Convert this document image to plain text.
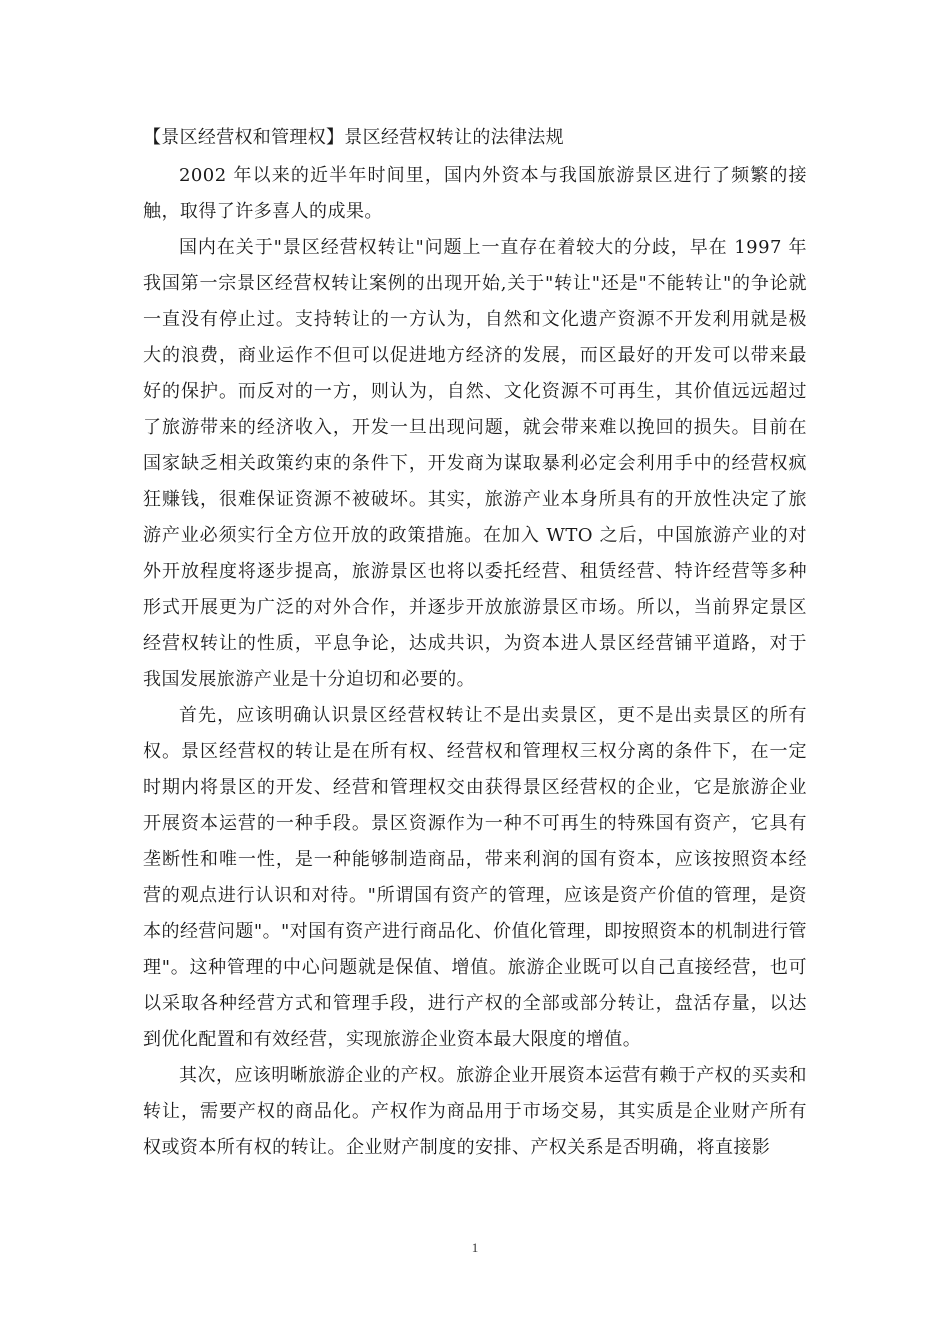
【景区经营权和管理权】景区经营权转让的法律法规

2002 年以来的近半年时间里，国内外资本与我国旅游景区进行了频繁的接触，取得了许多喜人的成果。

国内在关于"景区经营权转让"问题上一直存在着较大的分歧，早在 1997 年我国第一宗景区经营权转让案例的出现开始,关于"转让"还是"不能转让"的争论就一直没有停止过。支持转让的一方认为，自然和文化遗产资源不开发利用就是极大的浪费，商业运作不但可以促进地方经济的发展，而区最好的开发可以带来最好的保护。而反对的一方，则认为，自然、文化资源不可再生，其价值远远超过了旅游带来的经济收入，开发一旦出现问题，就会带来难以挽回的损失。目前在国家缺乏相关政策约束的条件下，开发商为谋取暴利必定会利用手中的经营权疯狂赚钱，很难保证资源不被破坏。其实，旅游产业本身所具有的开放性决定了旅游产业必须实行全方位开放的政策措施。在加入 WTO 之后，中国旅游产业的对外开放程度将逐步提高，旅游景区也将以委托经营、租赁经营、特许经营等多种形式开展更为广泛的对外合作，并逐步开放旅游景区市场。所以，当前界定景区经营权转让的性质，平息争论，达成共识，为资本进人景区经营铺平道路，对于我国发展旅游产业是十分迫切和必要的。

首先，应该明确认识景区经营权转让不是出卖景区，更不是出卖景区的所有权。景区经营权的转让是在所有权、经营权和管理权三权分离的条件下，在一定时期内将景区的开发、经营和管理权交由获得景区经营权的企业，它是旅游企业开展资本运营的一种手段。景区资源作为一种不可再生的特殊国有资产，它具有垄断性和唯一性，是一种能够制造商品，带来利润的国有资本，应该按照资本经营的观点进行认识和对待。"所谓国有资产的管理，应该是资产价值的管理，是资本的经营问题"。"对国有资产进行商品化、价值化管理，即按照资本的机制进行管理"。这种管理的中心问题就是保值、增值。旅游企业既可以自己直接经营，也可以采取各种经营方式和管理手段，进行产权的全部或部分转让，盘活存量，以达到优化配置和有效经营，实现旅游企业资本最大限度的增值。

其次，应该明晰旅游企业的产权。旅游企业开展资本运营有赖于产权的买卖和转让，需要产权的商品化。产权作为商品用于市场交易，其实质是企业财产所有权或资本所有权的转让。企业财产制度的安排、产权关系是否明确，将直接影

1
